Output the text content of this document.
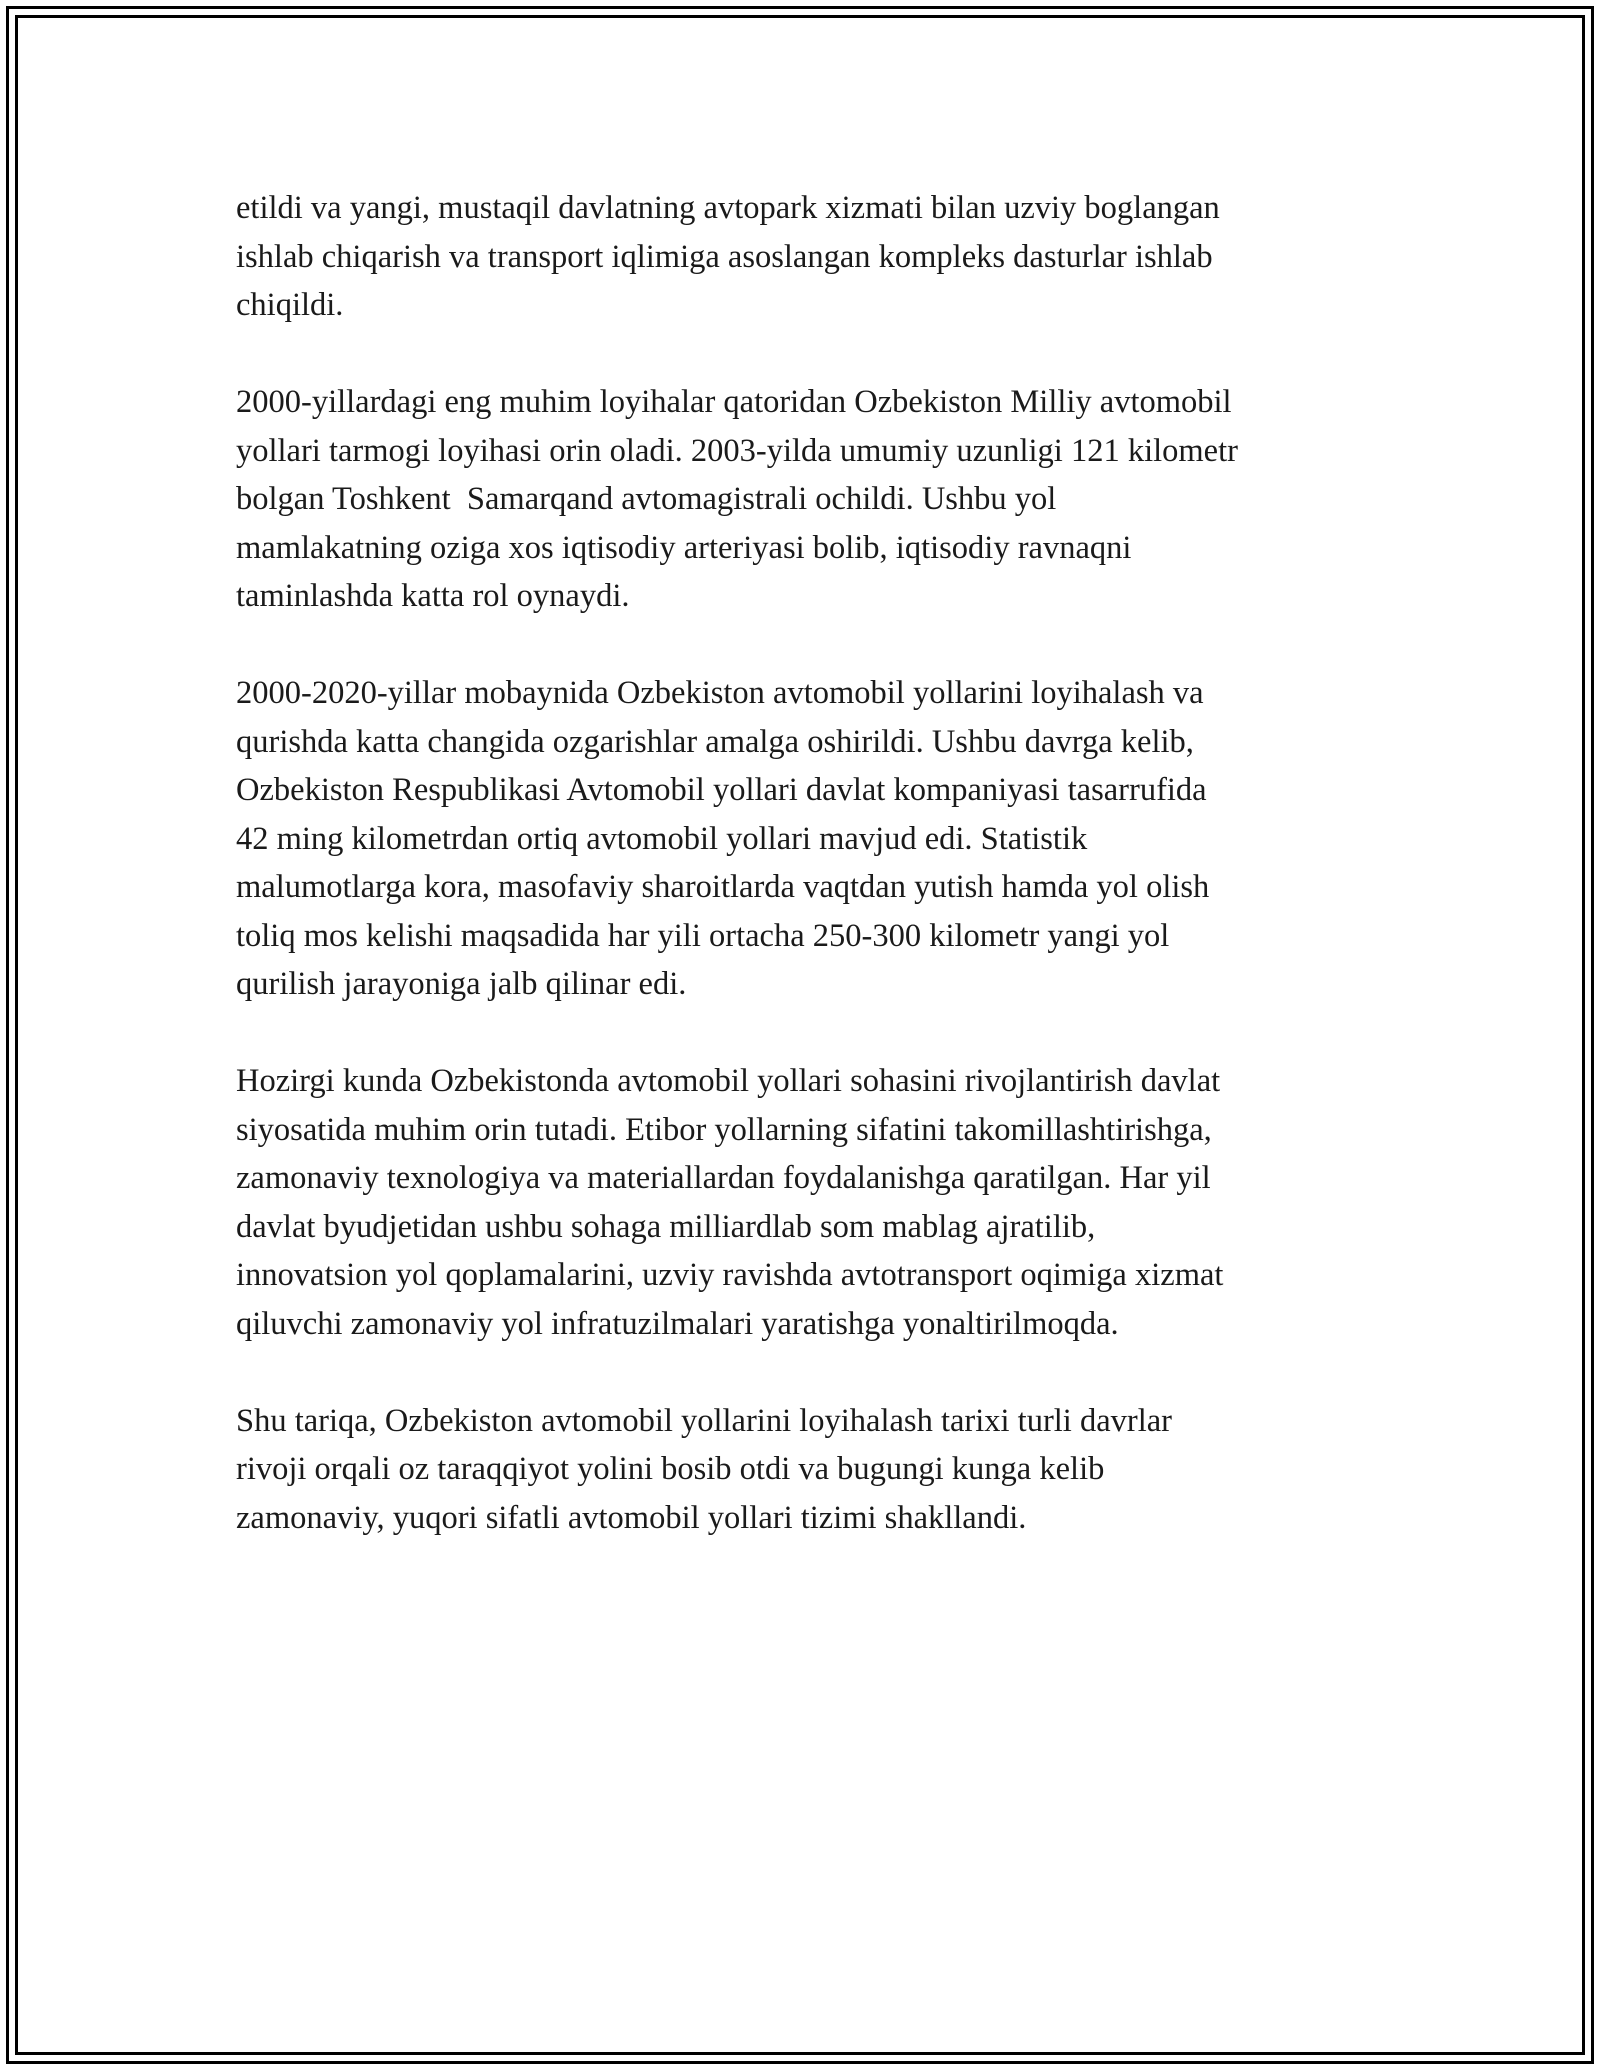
etildi va yangi, mustaqil davlatning avtopark xizmati bilan uzviy boglangan
ishlab chiqarish va transport iqlimiga asoslangan kompleks dasturlar ishlab
chiqildi.

2000-yillardagi eng muhim loyihalar qatoridan Ozbekiston Milliy avtomobil
yollari tarmogi loyihasi orin oladi. 2003-yilda umumiy uzunligi 121 kilometr
bolgan Toshkent  Samarqand avtomagistrali ochildi. Ushbu yol
mamlakatning oziga xos iqtisodiy arteriyasi bolib, iqtisodiy ravnaqni
taminlashda katta rol oynaydi.

2000-2020-yillar mobaynida Ozbekiston avtomobil yollarini loyihalash va
qurishda katta changida ozgarishlar amalga oshirildi. Ushbu davrga kelib,
Ozbekiston Respublikasi Avtomobil yollari davlat kompaniyasi tasarrufida
42 ming kilometrdan ortiq avtomobil yollari mavjud edi. Statistik
malumotlarga kora, masofaviy sharoitlarda vaqtdan yutish hamda yol olish
toliq mos kelishi maqsadida har yili ortacha 250-300 kilometr yangi yol
qurilish jarayoniga jalb qilinar edi.

Hozirgi kunda Ozbekistonda avtomobil yollari sohasini rivojlantirish davlat
siyosatida muhim orin tutadi. Etibor yollarning sifatini takomillashtirishga,
zamonaviy texnologiya va materiallardan foydalanishga qaratilgan. Har yil
davlat byudjetidan ushbu sohaga milliardlab som mablag ajratilib,
innovatsion yol qoplamalarini, uzviy ravishda avtotransport oqimiga xizmat
qiluvchi zamonaviy yol infratuzilmalari yaratishga yonaltirilmoqda.

Shu tariqa, Ozbekiston avtomobil yollarini loyihalash tarixi turli davrlar
rivoji orqali oz taraqqiyot yolini bosib otdi va bugungi kunga kelib
zamonaviy, yuqori sifatli avtomobil yollari tizimi shakllandi.
